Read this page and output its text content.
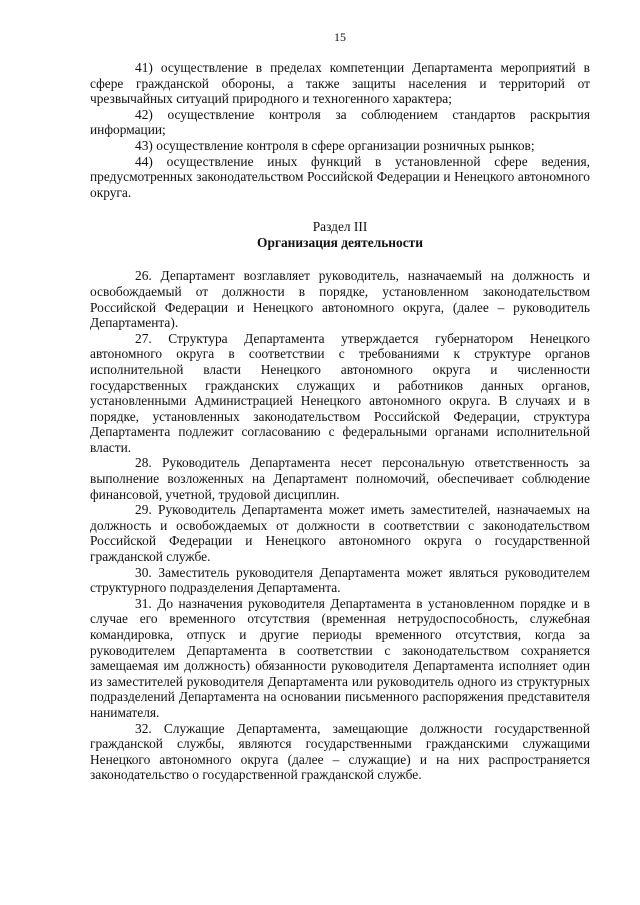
15

41) осуществление в пределах компетенции Департамента мероприятий в сфере гражданской обороны, а также защиты населения и территорий от чрезвычайных ситуаций природного и техногенного характера;

42) осуществление контроля за соблюдением стандартов раскрытия информации;

43) осуществление контроля в сфере организации розничных рынков;

44) осуществление иных функций в установленной сфере ведения, предусмотренных законодательством Российской Федерации и Ненецкого автономного округа.

Раздел III

Организация деятельности

26. Департамент возглавляет руководитель, назначаемый на должность и освобождаемый от должности в порядке, установленном законодательством Российской Федерации и Ненецкого автономного округа, (далее – руководитель Департамента).

27. Структура Департамента утверждается губернатором Ненецкого автономного округа в соответствии с требованиями к структуре органов исполнительной власти Ненецкого автономного округа и численности государственных гражданских служащих и работников данных органов, установленными Администрацией Ненецкого автономного округа. В случаях и в порядке, установленных законодательством Российской Федерации, структура Департамента подлежит согласованию с федеральными органами исполнительной власти.

28. Руководитель Департамента несет персональную ответственность за выполнение возложенных на Департамент полномочий, обеспечивает соблюдение финансовой, учетной, трудовой дисциплин.

29. Руководитель Департамента может иметь заместителей, назначаемых на должность и освобождаемых от должности в соответствии с законодательством Российской Федерации и Ненецкого автономного округа о государственной гражданской службе.

30. Заместитель руководителя Департамента может являться руководителем структурного подразделения Департамента.

31. До назначения руководителя Департамента в установленном порядке и в случае его временного отсутствия (временная нетрудоспособность, служебная командировка, отпуск и другие периоды временного отсутствия, когда за руководителем Департамента в соответствии с законодательством сохраняется замещаемая им должность) обязанности руководителя Департамента исполняет один из заместителей руководителя Департамента или руководитель одного из структурных подразделений Департамента на основании письменного распоряжения представителя нанимателя.

32. Служащие Департамента, замещающие должности государственной гражданской службы, являются государственными гражданскими служащими Ненецкого автономного округа (далее – служащие) и на них распространяется законодательство о государственной гражданской службе.
